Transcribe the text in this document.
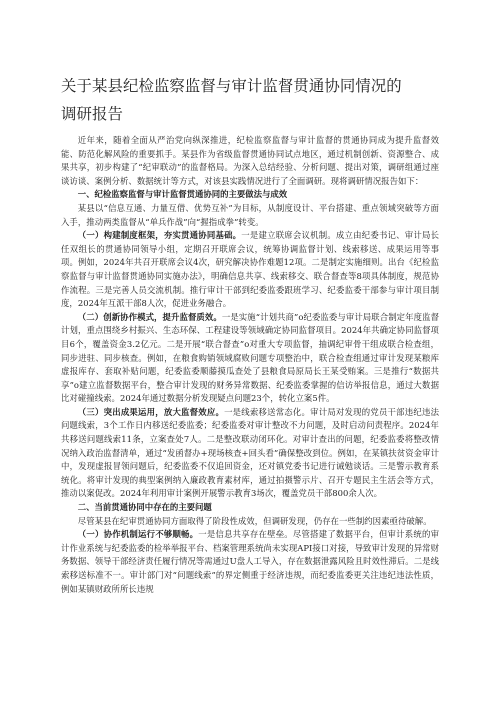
关于某县纪检监察监督与审计监督贯通协同情况的
调研报告

近年来，随着全面从严治党向纵深推进，纪检监察监督与审计监督的贯通协同成为提升监督效能、防范化解风险的重要抓手。某县作为省级监督贯通协同试点地区，通过机制创新、资源整合、成果共享，初步构建了“纪审联动”的监督格局。为深入总结经验、分析问题、提出对策，调研组通过座谈访谈、案例分析、数据统计等方式，对该县实践情况进行了全面调研。现将调研情况报告如下：

一、纪检监察监督与审计监督贯通协同的主要做法与成效

某县以“信息互通、力量互借、优势互补”为目标，从制度设计、平台搭建、重点领域突破等方面入手，推动两类监督从“单兵作战”向“握指成拳”转变。

（一）构建制度框架，夯实贯通协同基础。一是建立联席会议机制。成立由纪委书记、审计局长任双组长的贯通协同领导小组，定期召开联席会议，统筹协调监督计划、线索移送、成果运用等事项。例如，2024年共召开联席会议4次，研究解决协作难题12项。二是制定实施细则。出台《纪检监察监督与审计监督贯通协同实施办法》，明确信息共享、线索移交、联合督查等8项具体制度，规范协作流程。三是完善人员交流机制。推行审计干部到纪委监委跟班学习、纪委监委干部参与审计项目制度，2024年互派干部8人次，促进业务融合。

（二）创新协作模式，提升监督质效。一是实施“计划共商”o纪委监委与审计局联合制定年度监督计划，重点围绕乡村振兴、生态环保、工程建设等领域确定协同监督项目。2024年共确定协同监督项目6个，覆盖资金3.2亿元。二是开展“联合督查”o对重大专项监督，抽调纪审骨干组成联合检查组，同步进驻、同步核查。例如，在粮食购销领域腐败问题专项整治中，联合检查组通过审计发现某粮库虚报库存、套取补贴问题，纪委监委顺藤摸瓜查处了县粮食局原局长王某受贿案。三是推行“数据共享”o建立监督数据平台，整合审计发现的财务异常数据、纪委监委掌握的信访举报信息，通过大数据比对碰撞线索。2024年通过数据分析发现疑点问题23个，转化立案5件。

（三）突出成果运用，放大监督效应。一是线索移送常态化。审计局对发现的党员干部违纪违法问题线索，3个工作日内移送纪委监委；纪委监委对审计整改不力问题，及时启动问责程序。2024年共移送问题线索11条，立案查处7人。二是整改联动闭环化。对审计查出的问题，纪委监委将整改情况纳入政治监督清单，通过“发函督办+现场核查+回头看”确保整改到位。例如，在某镇扶贫资金审计中，发现虚报冒领问题后，纪委监委不仅追回资金，还对镇党委书记进行诫勉谈话。三是警示教育系统化。将审计发现的典型案例纳入廉政教育素材库，通过拍摄警示片、召开专题民主生活会等方式，推动以案促改。2024年利用审计案例开展警示教育3场次，覆盖党员干部800余人次。

二、当前贯通协同中存在的主要问题

尽管某县在纪审贯通协同方面取得了阶段性成效，但调研发现，仍存在一些制约因素亟待破解。

（一）协作机制运行不够顺畅。一是信息共享存在壁垒。尽管搭建了数据平台，但审计系统的审计作业系统与纪委监委的检举举报平台、档案管理系统尚未实现API接口对接，导致审计发现的异常财务数据、领导干部经济责任履行情况等需通过U盘人工导入，存在数据泄露风险且时效性滞后。二是线索移送标准不一。审计部门对“问题线索”的界定侧重于经济违规，而纪委监委更关注违纪违法性质，例如某镇财政所所长违规
